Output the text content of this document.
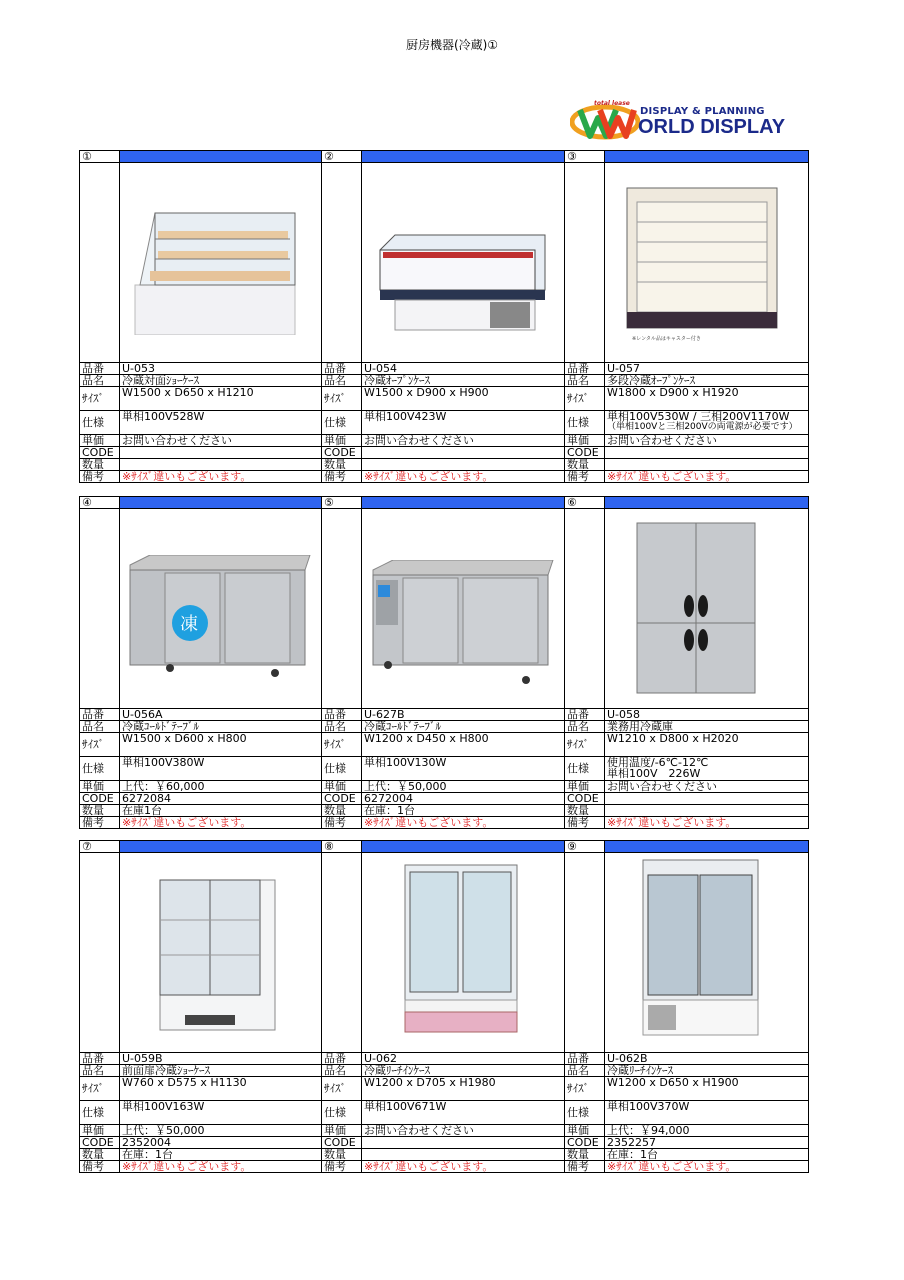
厨房機器(冷蔵)①
total lease
DISPLAY & PLANNING
ORLD DISPLAY
①
品番	U-053
品名	冷蔵対面ｼｮｰｹｰｽ
ｻｲｽﾞ	W1500 x D650 x H1210
仕様	単相100V528W
単価	お問い合わせください
CODE
数量
備考	※ｻｲｽﾞ違いもございます。
②
品番	U-054
品名	冷蔵ｵｰﾌﾟﾝｹｰｽ
ｻｲｽﾞ	W1500 x D900 x H900
仕様	単相100V423W
単価	お問い合わせください
CODE
数量
備考	※ｻｲｽﾞ違いもございます。
③
品番	U-057
品名	多段冷蔵ｵｰﾌﾟﾝｹｰｽ
ｻｲｽﾞ	W1800 x D900 x H1920
仕様	単相100V530W / 三相200V1170W
（単相100Vと三相200Vの両電源が必要です）
単価	お問い合わせください
CODE
数量
備考	※ｻｲｽﾞ違いもございます。
④
品番	U-056A
品名	冷蔵ｺｰﾙﾄﾞﾃｰﾌﾞﾙ
ｻｲｽﾞ	W1500 x D600 x H800
仕様	単相100V380W
単価	上代：￥60,000
CODE 6272084
数量	在庫1台
備考	※ｻｲｽﾞ違いもございます。
⑤
品番	U-627B
品名	冷蔵ｺｰﾙﾄﾞﾃｰﾌﾞﾙ
ｻｲｽﾞ	W1200 x D450 x H800
仕様	単相100V130W
単価	上代：￥50,000
CODE 6272004
数量	在庫：1台
備考	※ｻｲｽﾞ違いもございます。
⑥
品番	U-058
品名	業務用冷蔵庫
ｻｲｽﾞ	W1210 x D800 x H2020
仕様	使用温度/-6℃-12℃
単相100V　226W
単価	お問い合わせください
CODE
数量
備考	※ｻｲｽﾞ違いもございます。
⑦
品番	U-059B
品名	前面扉冷蔵ｼｮｰｹｰｽ
ｻｲｽﾞ	W760 x D575 x H1130
仕様	単相100V163W
単価	上代：￥50,000
CODE 2352004
数量	在庫：1台
備考	※ｻｲｽﾞ違いもございます。
⑧
品番	U-062
品名	冷蔵ﾘｰﾁｲﾝｹｰｽ
ｻｲｽﾞ	W1200 x D705 x H1980
仕様	単相100V671W
単価	お問い合わせください
CODE
数量
備考	※ｻｲｽﾞ違いもございます。
⑨
品番	U-062B
品名	冷蔵ﾘｰﾁｲﾝｹｰｽ
ｻｲｽﾞ	W1200 x D650 x H1900
仕様	単相100V370W
単価	上代：￥94,000
CODE 2352257
数量	在庫：1台
備考	※ｻｲｽﾞ違いもございます。
※レンタル品はキャスター付き
凍
